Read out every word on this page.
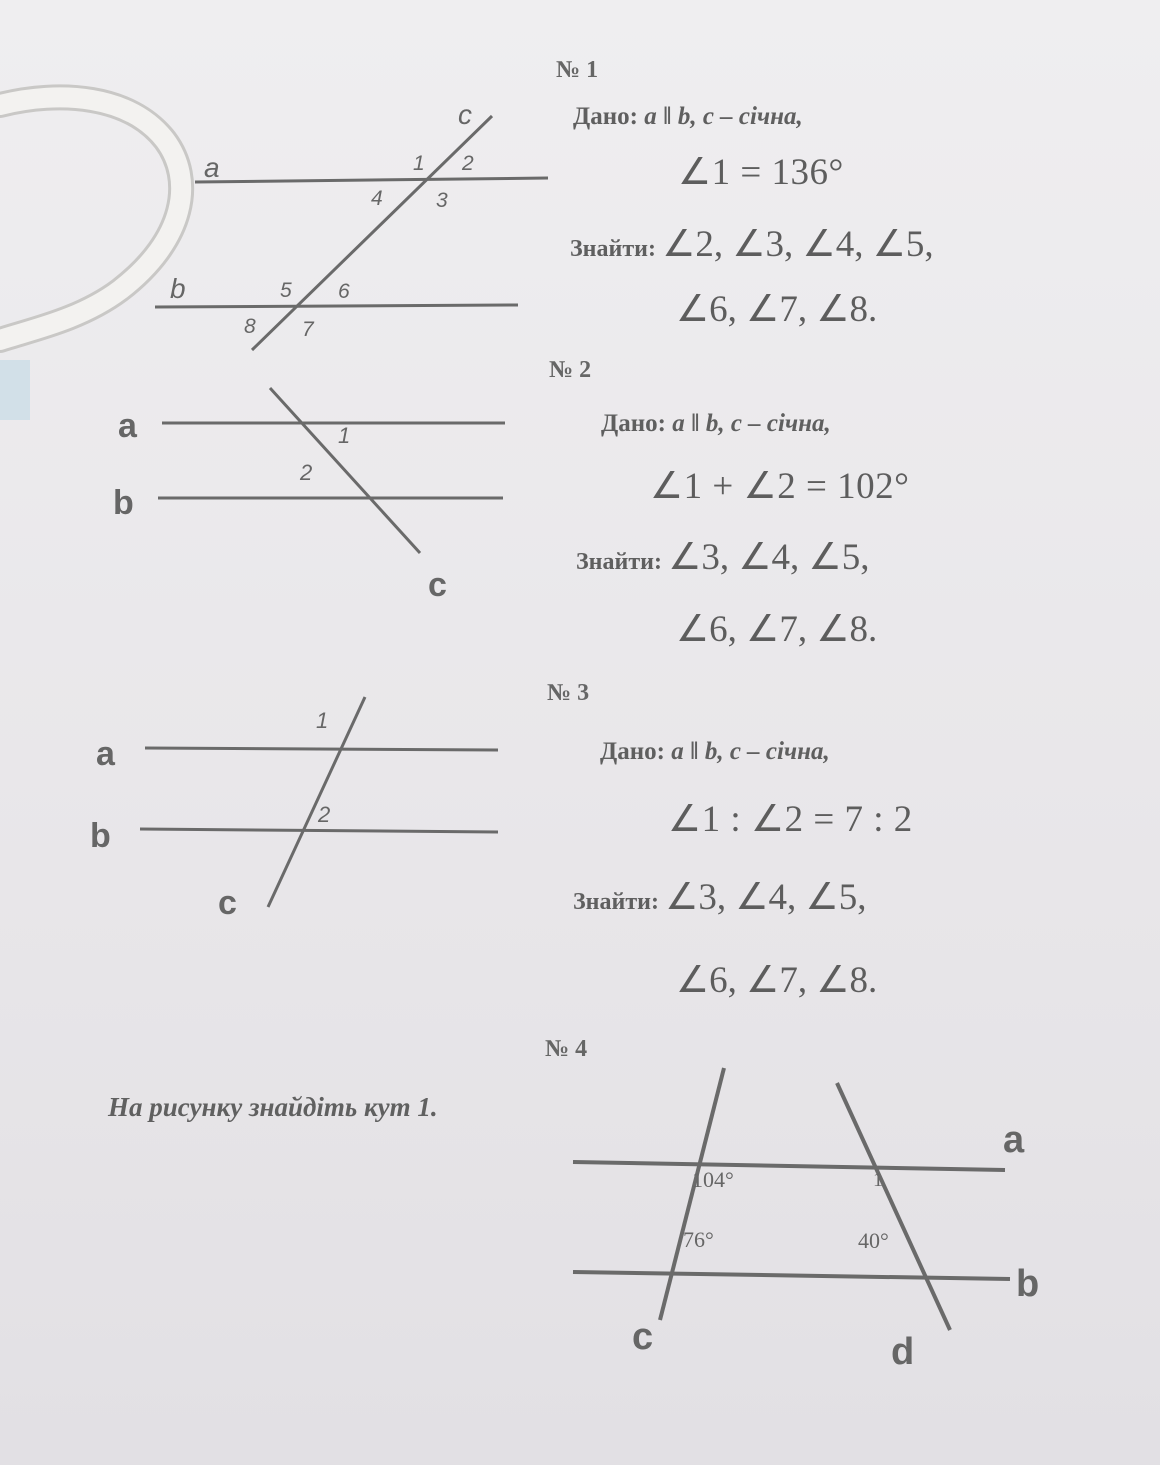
a
b
c
1 2
3
4
5 6
7
8
a
b
c
1
2
a
b
c
1
2
a
b
c	d
104°
76°	40°
1
№ 1
Дано: a ‖ b, c – січна,
∠1 = 136°
Знайти: ∠2, ∠3, ∠4, ∠5,
∠6, ∠7, ∠8.
№ 2
Дано: a ‖ b, c – січна,
∠1 + ∠2 = 102°
Знайти: ∠3, ∠4, ∠5,
∠6, ∠7, ∠8.
№ 3
Дано: a ‖ b, c – січна,
∠1 : ∠2 = 7 : 2
Знайти: ∠3, ∠4, ∠5,
∠6, ∠7, ∠8.
№ 4
На рисунку знайдіть кут 1.
